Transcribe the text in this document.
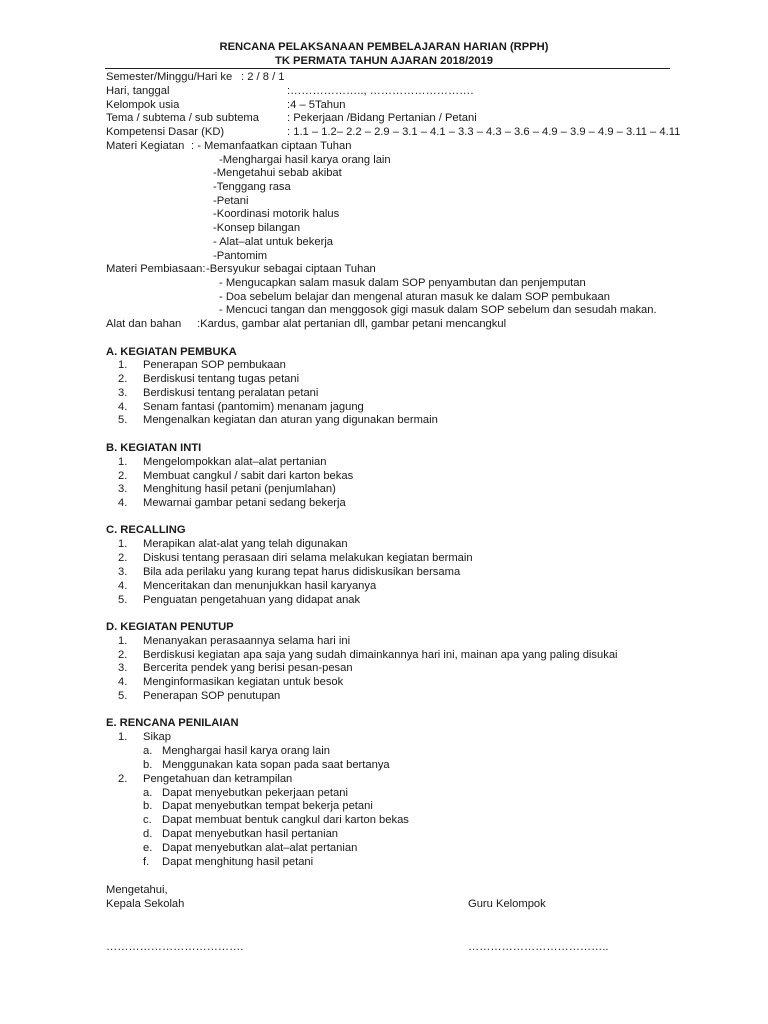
RENCANA PELAKSANAAN PEMBELAJARAN HARIAN (RPPH)
TK PERMATA TAHUN AJARAN 2018/2019
Semester/Minggu/Hari ke : 2 / 8 / 1
Hari, tanggal	:……………….., ……………………….
Kelompok usia	:4 – 5Tahun
Tema / subtema / sub subtema	: Pekerjaan /Bidang Pertanian / Petani
Kompetensi Dasar (KD)	: 1.1 – 1.2– 2.2 – 2.9 – 3.1 – 4.1 – 3.3 – 4.3 – 3.6 – 4.9 – 3.9 – 4.9 – 3.11 – 4.11
Materi Kegiatan : - Memanfaatkan ciptaan Tuhan
-Menghargai hasil karya orang lain
-Mengetahui sebab akibat
-Tenggang rasa
-Petani
-Koordinasi motorik halus
-Konsep bilangan
- Alat–alat untuk bekerja
-Pantomim
Materi Pembiasaan: -Bersyukur sebagai ciptaan Tuhan
- Mengucapkan salam masuk dalam SOP penyambutan dan penjemputan
- Doa sebelum belajar dan mengenal aturan masuk ke dalam SOP pembukaan
- Mencuci tangan dan menggosok gigi masuk dalam SOP sebelum dan sesudah makan.
Alat dan bahan :Kardus, gambar alat pertanian dll, gambar petani mencangkul
A. KEGIATAN PEMBUKA
1. Penerapan SOP pembukaan
2. Berdiskusi tentang tugas petani
3. Berdiskusi tentang peralatan petani
4. Senam fantasi (pantomim) menanam jagung
5. Mengenalkan kegiatan dan aturan yang digunakan bermain
B. KEGIATAN INTI
1. Mengelompokkan alat–alat pertanian
2. Membuat cangkul / sabit dari karton bekas
3. Menghitung hasil petani (penjumlahan)
4. Mewarnai gambar petani sedang bekerja
C. RECALLING
1. Merapikan alat-alat yang telah digunakan
2. Diskusi tentang perasaan diri selama melakukan kegiatan bermain
3. Bila ada perilaku yang kurang tepat harus didiskusikan bersama
4. Menceritakan dan menunjukkan hasil karyanya
5. Penguatan pengetahuan yang didapat anak
D. KEGIATAN PENUTUP
1. Menanyakan perasaannya selama hari ini
2. Berdiskusi kegiatan apa saja yang sudah dimainkannya hari ini, mainan apa yang paling disukai
3. Bercerita pendek yang berisi pesan-pesan
4. Menginformasikan kegiatan untuk besok
5. Penerapan SOP penutupan
E. RENCANA PENILAIAN
1. Sikap
a. Menghargai hasil karya orang lain
b. Menggunakan kata sopan pada saat bertanya
2. Pengetahuan dan ketrampilan
a. Dapat menyebutkan pekerjaan petani
b. Dapat menyebutkan tempat bekerja petani
c. Dapat membuat bentuk cangkul dari karton bekas
d. Dapat menyebutkan hasil pertanian
e. Dapat menyebutkan alat–alat pertanian
f. Dapat menghitung hasil petani
Mengetahui,
Kepala Sekolah	Guru Kelompok
……………………………….	………………………………..
